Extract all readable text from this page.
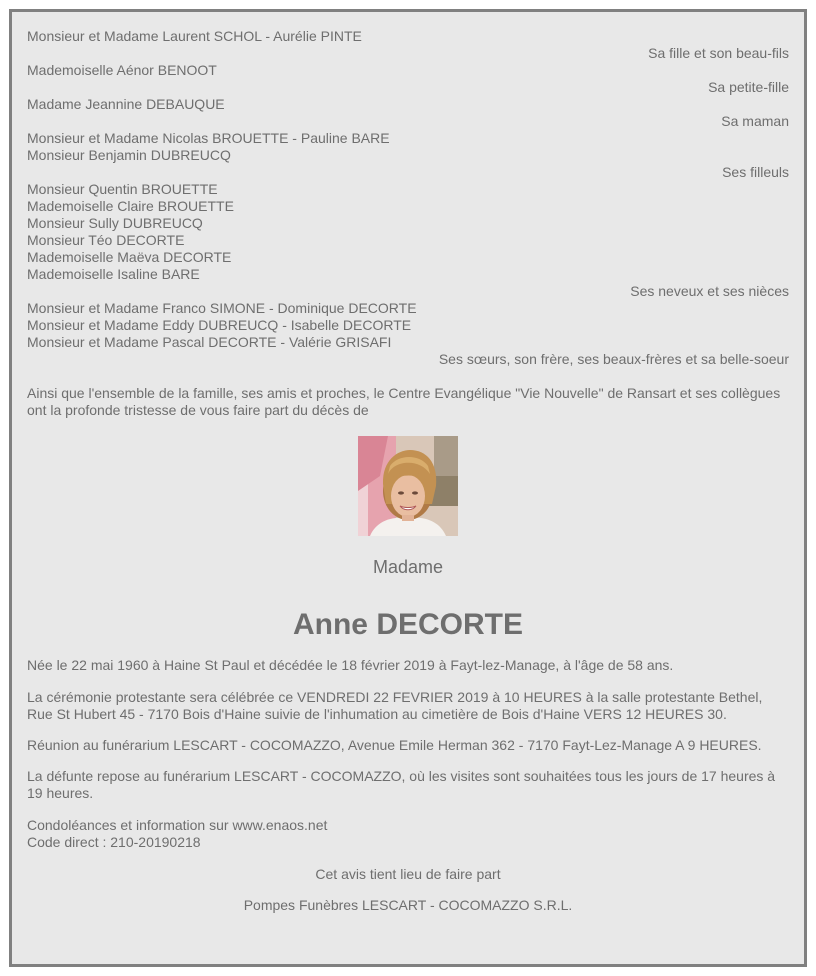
Monsieur et Madame Laurent SCHOL - Aurélie PINTE
Sa fille et son beau-fils
Mademoiselle Aénor BENOOT
Sa petite-fille
Madame Jeannine DEBAUQUE
Sa maman
Monsieur et Madame Nicolas BROUETTE - Pauline BARE
Monsieur Benjamin DUBREUCQ
Ses filleuls
Monsieur Quentin BROUETTE
Mademoiselle Claire BROUETTE
Monsieur Sully DUBREUCQ
Monsieur Téo DECORTE
Mademoiselle Maëva DECORTE
Mademoiselle Isaline BARE
Ses neveux et ses nièces
Monsieur et Madame Franco SIMONE - Dominique DECORTE
Monsieur et Madame Eddy DUBREUCQ - Isabelle DECORTE
Monsieur et Madame Pascal DECORTE - Valérie GRISAFI
Ses sœurs, son frère, ses beaux-frères et sa belle-soeur

Ainsi que l'ensemble de la famille, ses amis et proches, le Centre Evangélique "Vie Nouvelle" de Ransart et ses collègues ont la profonde tristesse de vous faire part du décès de

Madame
Anne DECORTE

Née le 22 mai 1960 à Haine St Paul et décédée le 18 février 2019 à Fayt-lez-Manage, à l'âge de 58 ans.

La cérémonie protestante sera célébrée ce VENDREDI 22 FEVRIER 2019 à 10 HEURES à la salle protestante Bethel, Rue St Hubert 45 - 7170 Bois d'Haine suivie de l'inhumation au cimetière de Bois d'Haine VERS 12 HEURES 30.

Réunion au funérarium LESCART - COCOMAZZO, Avenue Emile Herman 362 - 7170 Fayt-Lez-Manage A 9 HEURES.

La défunte repose au funérarium LESCART - COCOMAZZO, où les visites sont souhaitées tous les jours de 17 heures à 19 heures.

Condoléances et information sur www.enaos.net
Code direct : 210-20190218
Cet avis tient lieu de faire part
Pompes Funèbres LESCART - COCOMAZZO S.R.L.
